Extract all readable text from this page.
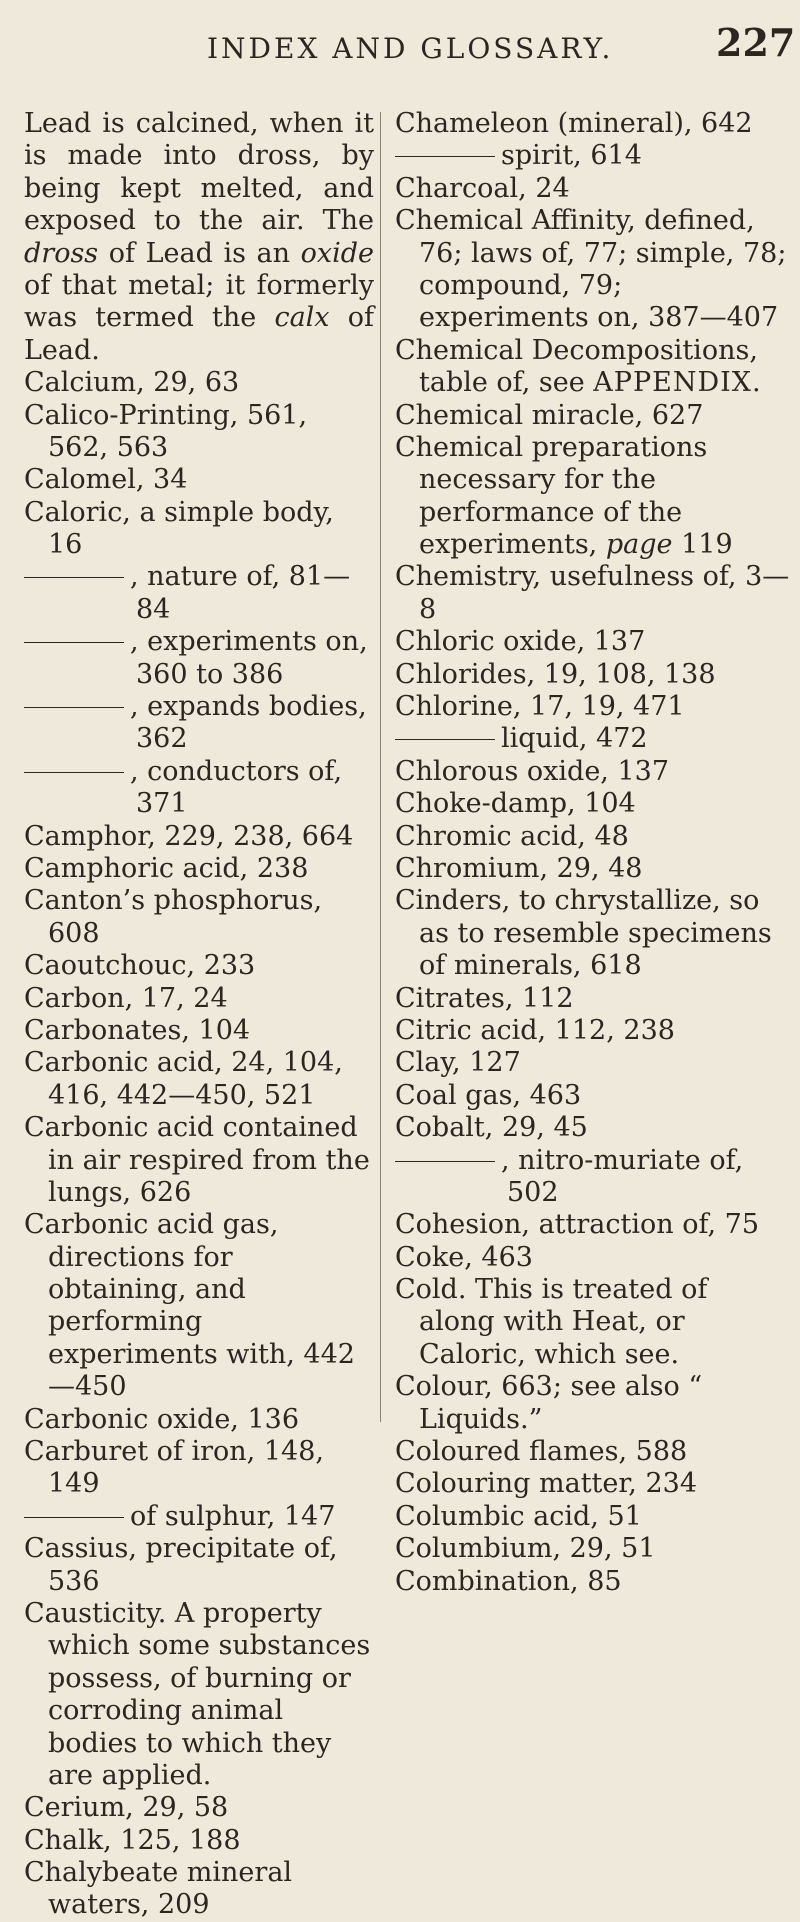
INDEX AND GLOSSARY.	227

Lead is calcined, when it is made into dross, by being kept melted, and exposed to the air. The dross of Lead is an oxide of that metal; it formerly was termed the calx of Lead.

Calcium, 29, 63

Calico-Printing, 561, 562, 563

Calomel, 34

Caloric, a simple body, 16

, nature of, 81—84

, experiments on, 360 to 386

, expands bodies, 362

, conductors of, 371

Camphor, 229, 238, 664

Camphoric acid, 238

Canton’s phosphorus, 608

Caoutchouc, 233

Carbon, 17, 24

Carbonates, 104

Carbonic acid, 24, 104, 416, 442—450, 521

Carbonic acid contained in air respired from the lungs, 626

Carbonic acid gas, directions for obtaining, and performing experiments with, 442—450

Carbonic oxide, 136

Carburet of iron, 148, 149

of sulphur, 147

Cassius, precipitate of, 536

Causticity. A property which some substances possess, of burning or corroding animal bodies to which they are applied.

Cerium, 29, 58

Chalk, 125, 188

Chalybeate mineral waters, 209

Chameleon (mineral), 642

spirit, 614

Charcoal, 24

Chemical Affinity, defined, 76; laws of, 77; simple, 78; compound, 79; experiments on, 387—407

Chemical Decompositions, table of, see APPENDIX.

Chemical miracle, 627

Chemical preparations necessary for the performance of the experiments, page 119

Chemistry, usefulness of, 3—8

Chloric oxide, 137

Chlorides, 19, 108, 138

Chlorine, 17, 19, 471

liquid, 472

Chlorous oxide, 137

Choke-damp, 104

Chromic acid, 48

Chromium, 29, 48

Cinders, to chrystallize, so as to resemble specimens of minerals, 618

Citrates, 112

Citric acid, 112, 238

Clay, 127

Coal gas, 463

Cobalt, 29, 45

, nitro-muriate of, 502

Cohesion, attraction of, 75

Coke, 463

Cold. This is treated of along with Heat, or Caloric, which see.

Colour, 663; see also “ Liquids.”

Coloured flames, 588

Colouring matter, 234

Columbic acid, 51

Columbium, 29, 51

Combination, 85
